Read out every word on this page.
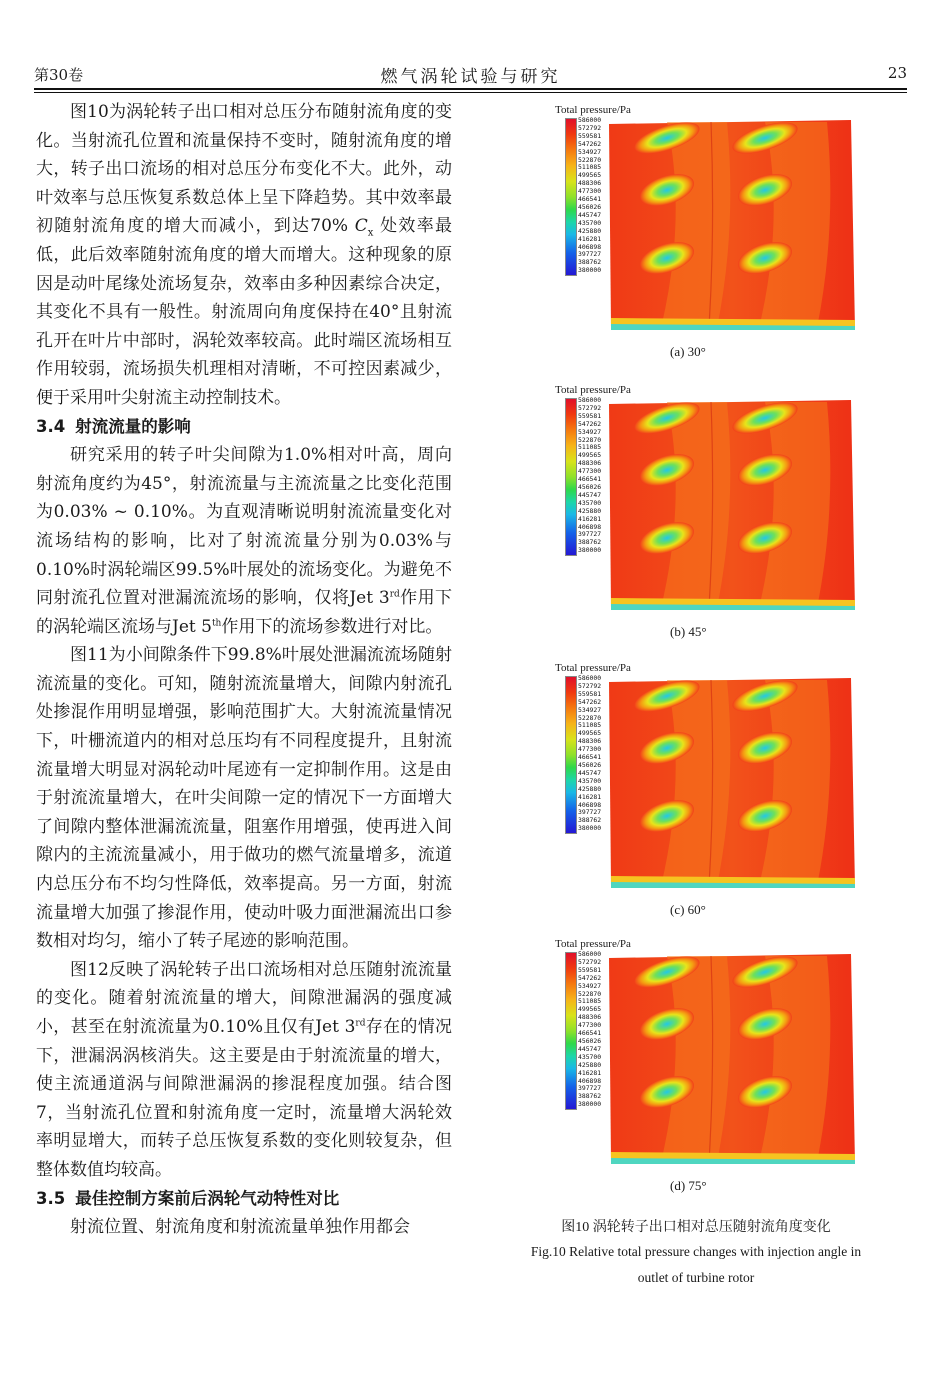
第30卷	燃气涡轮试验与研究	23

图10为涡轮转子出口相对总压分布随射流角度的变化。当射流孔位置和流量保持不变时，随射流角度的增大，转子出口流场的相对总压分布变化不大。此外，动叶效率与总压恢复系数总体上呈下降趋势。其中效率最初随射流角度的增大而减小，到达70% $C_x$ 处效率最低，此后效率随射流角度的增大而增大。这种现象的原因是动叶尾缘处流场复杂，效率由多种因素综合决定，其变化不具有一般性。射流周向角度保持在40°且射流孔开在叶片中部时，涡轮效率较高。此时端区流场相互作用较弱，流场损失机理相对清晰，不可控因素减少，便于采用叶尖射流主动控制技术。

3.4 射流流量的影响

研究采用的转子叶尖间隙为1.0%相对叶高，周向射流角度约为45°，射流流量与主流流量之比变化范围为0.03% ~ 0.10%。为直观清晰说明射流流量变化对流场结构的影响，比对了射流流量分别为0.03%与0.10%时涡轮端区99.5%叶展处的流场变化。为避免不同射流孔位置对泄漏流流场的影响，仅将Jet 3rd作用下的涡轮端区流场与Jet 5th作用下的流场参数进行对比。

图11为小间隙条件下99.8%叶展处泄漏流流场随射流流量的变化。可知，随射流流量增大，间隙内射流孔处掺混作用明显增强，影响范围扩大。大射流流量情况下，叶栅流道内的相对总压均有不同程度提升，且射流流量增大明显对涡轮动叶尾迹有一定抑制作用。这是由于射流流量增大，在叶尖间隙一定的情况下一方面增大了间隙内整体泄漏流流量，阻塞作用增强，使再进入间隙内的主流流量减小，用于做功的燃气流量增多，流道内总压分布不均匀性降低，效率提高。另一方面，射流流量增大加强了掺混作用，使动叶吸力面泄漏流出口参数相对均匀，缩小了转子尾迹的影响范围。

图12反映了涡轮转子出口流场相对总压随射流流量的变化。随着射流流量的增大，间隙泄漏涡的强度减小，甚至在射流流量为0.10%且仅有Jet 3rd存在的情况下，泄漏涡涡核消失。这主要是由于射流流量的增大，使主流通道涡与间隙泄漏涡的掺混程度加强。结合图7，当射流孔位置和射流角度一定时，流量增大涡轮效率明显增大，而转子总压恢复系数的变化则较复杂，但整体数值均较高。

3.5 最佳控制方案前后涡轮气动特性对比

射流位置、射流角度和射流流量单独作用都会

Total pressure/Pa
586000
572792
559581
547262
534927
522870
511085
499565
488306
477300
466541
456026
445747
435700
425880
416281
406898
397727
388762
380000
(a) 30°
Total pressure/Pa
586000
572792
559581
547262
534927
522870
511085
499565
488306
477300
466541
456026
445747
435700
425880
416281
406898
397727
388762
380000
(b) 45°
Total pressure/Pa
586000
572792
559581
547262
534927
522870
511085
499565
488306
477300
466541
456026
445747
435700
425880
416281
406898
397727
388762
380000
(c) 60°
Total pressure/Pa
586000
572792
559581
547262
534927
522870
511085
499565
488306
477300
466541
456026
445747
435700
425880
416281
406898
397727
388762
380000
(d) 75°
图10 涡轮转子出口相对总压随射流角度变化
Fig.10 Relative total pressure changes with injection angle in
outlet of turbine rotor
